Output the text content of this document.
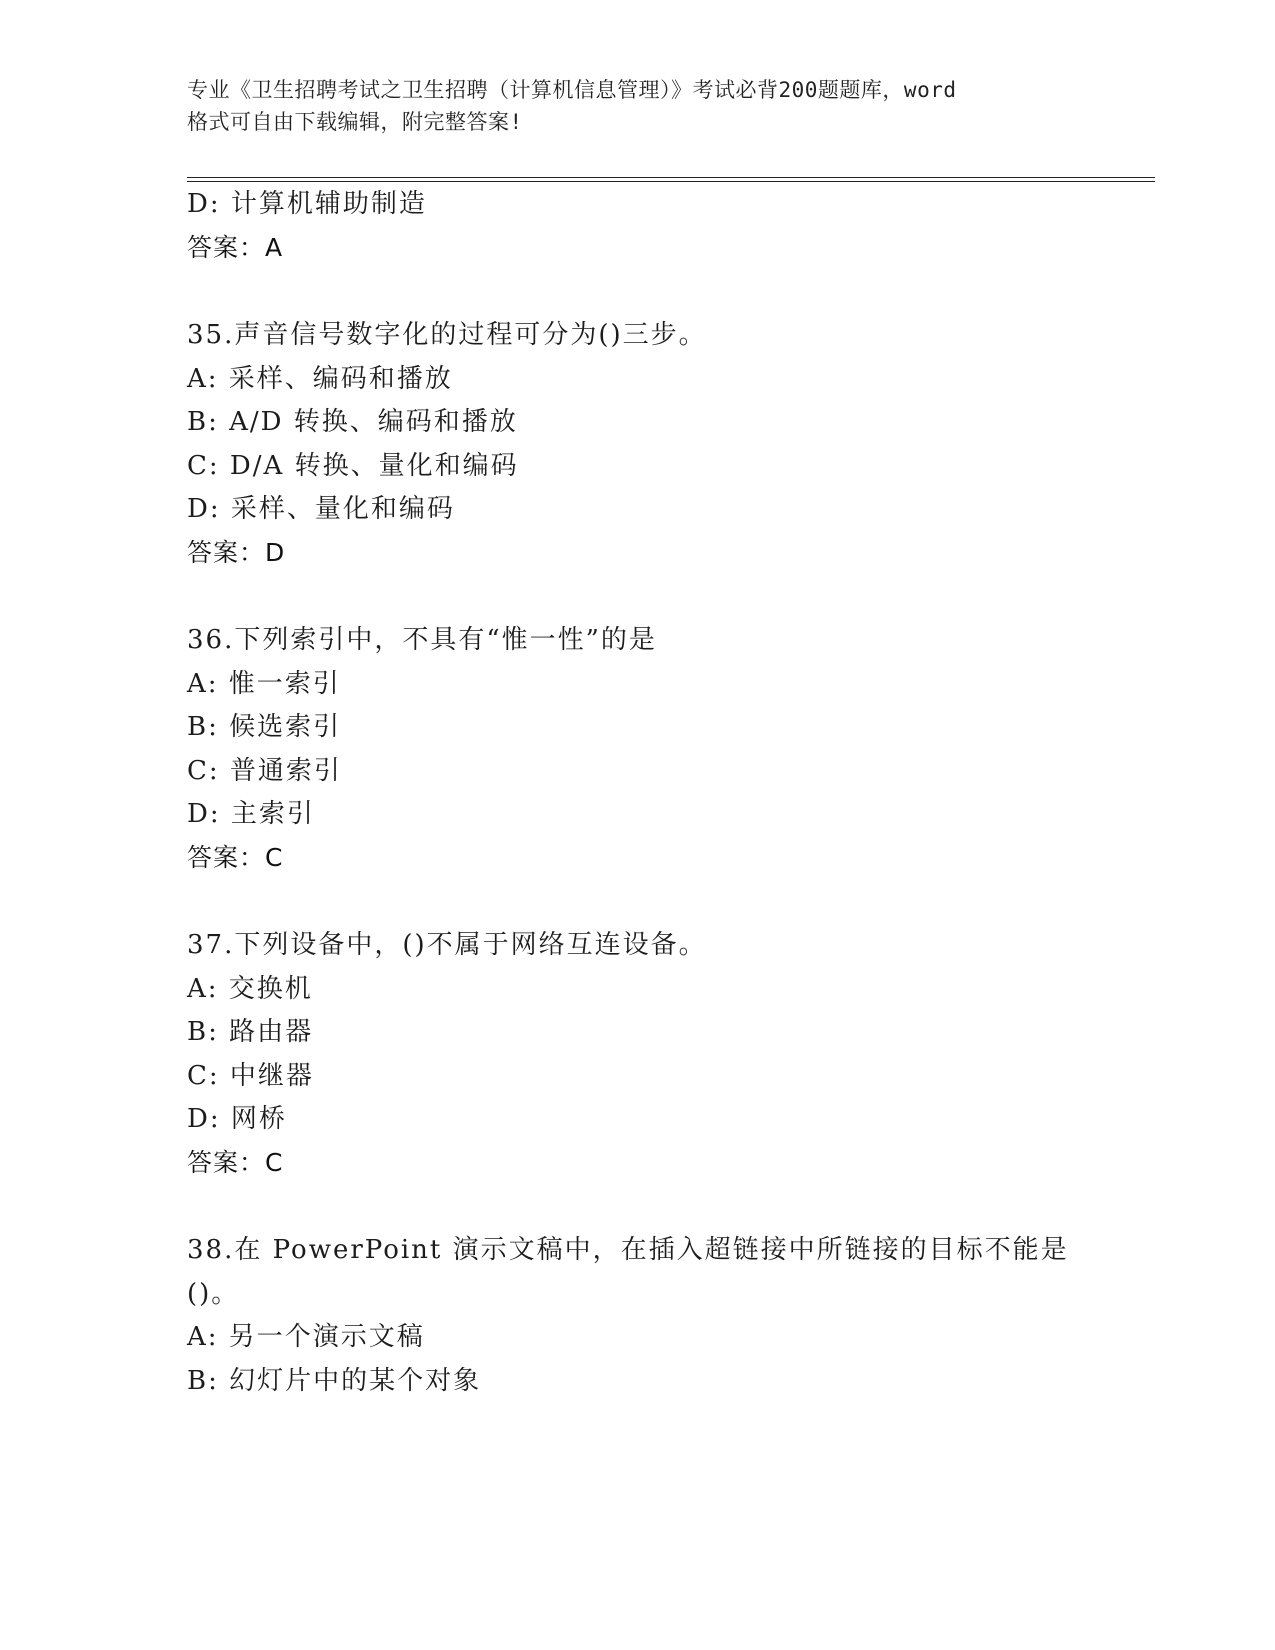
专业《卫生招聘考试之卫生招聘（计算机信息管理）》考试必背200题题库，word
格式可自由下载编辑，附完整答案!
D: 计算机辅助制造
答案：A
35.声音信号数字化的过程可分为()三步。
A: 采样、编码和播放
B: A/D 转换、编码和播放
C: D/A 转换、量化和编码
D: 采样、量化和编码
答案：D
36.下列索引中，不具有“惟一性”的是
A: 惟一索引
B: 候选索引
C: 普通索引
D: 主索引
答案：C
37.下列设备中，()不属于网络互连设备。
A: 交换机
B: 路由器
C: 中继器
D: 网桥
答案：C
38.在 PowerPoint 演示文稿中，在插入超链接中所链接的目标不能是
()。
A: 另一个演示文稿
B: 幻灯片中的某个对象
